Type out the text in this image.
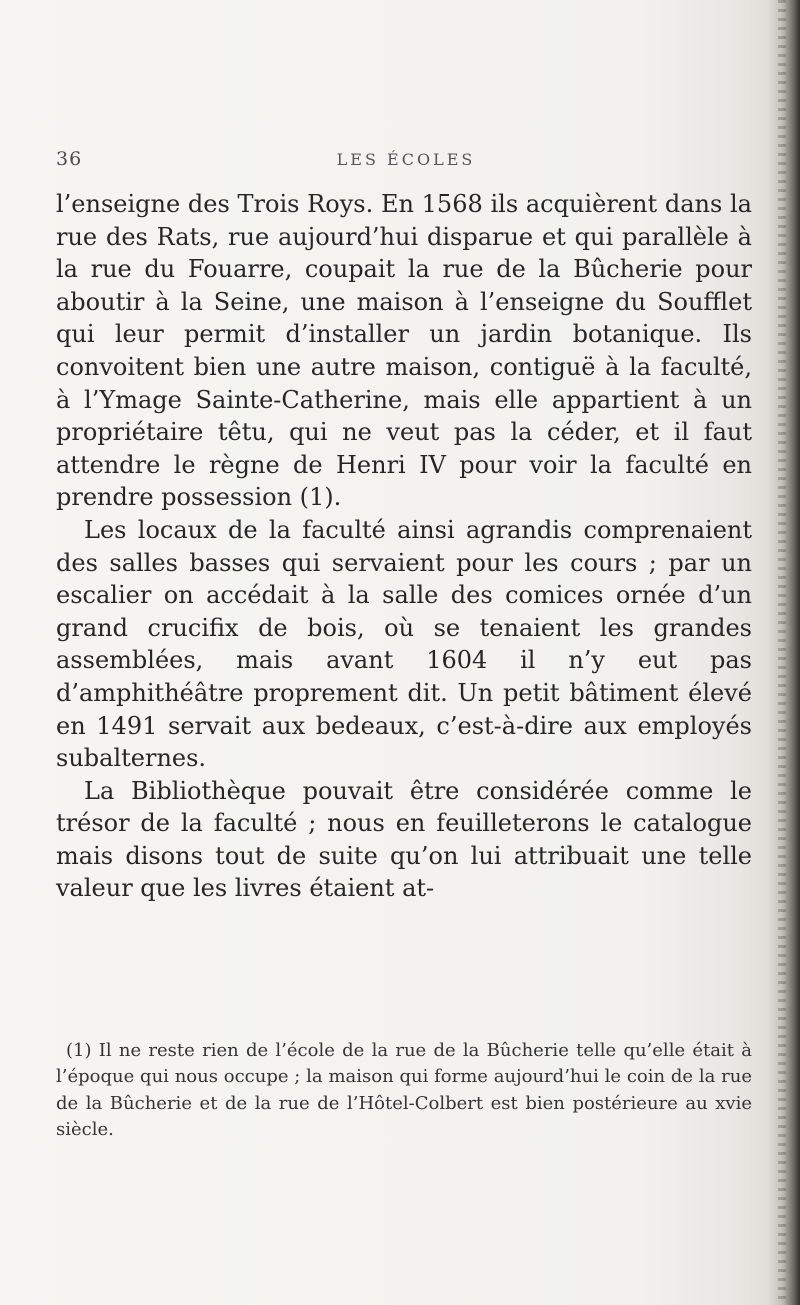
36	LES ÉCOLES

l’enseigne des Trois Roys. En 1568 ils acquièrent dans la rue des Rats, rue aujourd’hui disparue et qui parallèle à la rue du Fouarre, coupait la rue de la Bûcherie pour aboutir à la Seine, une maison à l’enseigne du Soufflet qui leur permit d’installer un jardin botanique. Ils convoitent bien une autre maison, contiguë à la faculté, à l’Ymage Sainte-Catherine, mais elle appartient à un propriétaire têtu, qui ne veut pas la céder, et il faut attendre le règne de Henri IV pour voir la faculté en prendre possession (1).

Les locaux de la faculté ainsi agrandis comprenaient des salles basses qui servaient pour les cours ; par un escalier on accédait à la salle des comices ornée d’un grand crucifix de bois, où se tenaient les grandes assemblées, mais avant 1604 il n’y eut pas d’amphithéâtre proprement dit. Un petit bâtiment élevé en 1491 servait aux bedeaux, c’est-à-dire aux employés subalternes.

La Bibliothèque pouvait être considérée comme le trésor de la faculté ; nous en feuilleterons le catalogue mais disons tout de suite qu’on lui attribuait une telle valeur que les livres étaient at-

(1) Il ne reste rien de l’école de la rue de la Bûcherie telle qu’elle était à l’époque qui nous occupe ; la maison qui forme aujourd’hui le coin de la rue de la Bûcherie et de la rue de l’Hôtel-Colbert est bien postérieure au xvie siècle.
